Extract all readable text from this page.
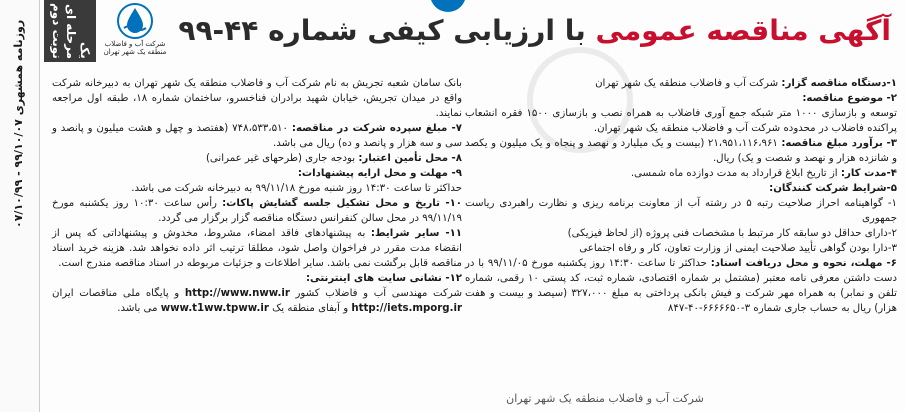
روزنامه همشهری ۹۹/۱۰/۰۷ - ۰۷/۱۰/۹۹	یک مرحله ای
نوبت دوم	شرکت آب و فاضلاب
منطقه یک شهر تهران
آگهی مناقصه عمومی با ارزیابی کیفی شماره ۴۴-۹۹

۱-دستگاه مناقصه گزار: شرکت آب و فاضلاب منطقه یک شهر تهران

۲- موضوع مناقصه:

توسعه و بازسازی ۱۰۰۰ متر شبکه جمع آوری فاضلاب به همراه نصب و بازسازی ۱۵۰۰ فقره انشعاب پراکنده فاضلاب در محدوده شرکت آب و فاضلاب منطقه یک شهر تهران.

۳- برآورد مبلغ مناقصه: ۲۱،۹۵۱،۱۱۶،۹۶۱ (بیست و یک میلیارد و نهصد و پنجاه و یک میلیون و یکصد و شانزده هزار و نهصد و شصت و یک) ریال.

۴-مدت کار: از تاریخ ابلاغ قرارداد به مدت دوازده ماه شمسی.

۵-شرایط شرکت کنندگان:

۱- گواهینامه احراز صلاحیت رتبه ۵ در رشته آب از معاونت برنامه ریزی و نظارت راهبردی ریاست جمهوری

۲-دارای حداقل دو سابقه کار مرتبط با مشخصات فنی پروژه (از لحاظ فیزیکی)

۳-دارا بودن گواهی تأیید صلاحیت ایمنی از وزارت تعاون، کار و رفاه اجتماعی

۶- مهلت، نحوه و محل دریافت اسناد: حداکثر تا ساعت ۱۴:۳۰ روز یکشنبه مورخ ۹۹/۱۱/۰۵ با در دست داشتن معرفی نامه معتبر (مشتمل بر شماره اقتصادی، شماره ثبت، کد پستی ۱۰ رقمی، شماره تلفن و نمابر) به همراه مهر شرکت و فیش بانکی پرداختی به مبلغ ۳۲۷،۰۰۰ (سیصد و بیست و هفت هزار) ریال به حساب جاری شماره ۳-۶۶۶۶۶۵۰-۴۰-۸۴۷

بانک سامان شعبه تجریش به نام شرکت آب و فاضلاب منطقه یک شهر تهران به دبیرخانه شرکت واقع در میدان تجریش، خیابان شهید برادران فناخسرو، ساختمان شماره ۱۸، طبقه اول مراجعه نمایند.

۷- مبلغ سپرده شرکت در مناقصه: ۷۴۸،۵۳۳،۵۱۰ (هفتصد و چهل و هشت میلیون و پانصد و سی و سه هزار و پانصد و ده) ریال می باشد.

۸- محل تأمین اعتبار: بودجه جاری (طرحهای غیر عمرانی)

۹- مهلت و محل ارایه پیشنهادات:

حداکثر تا ساعت ۱۴:۳۰ روز شنبه مورخ ۹۹/۱۱/۱۸ به دبیرخانه شرکت می باشد.

۱۰- تاریخ و محل تشکیل جلسه گشایش پاکات: رأس ساعت ۱۰:۳۰ روز یکشنبه مورخ ۹۹/۱۱/۱۹ در محل سالن کنفرانس دستگاه مناقصه گزار برگزار می گردد.

۱۱- سایر شرایط: به پیشنهادهای فاقد امضاء، مشروط، مخدوش و پیشنهاداتی که پس از انقضاء مدت مقرر در فراخوان واصل شود، مطلقا ترتیب اثر داده نخواهد شد. هزینه خرید اسناد مناقصه قابل برگشت نمی باشد. سایر اطلاعات و جزئیات مربوطه در اسناد مناقصه مندرج است.

۱۲- نشانی سایت های اینترنتی:

شرکت مهندسی آب و فاضلاب کشور http://www.nww.ir و پایگاه ملی مناقصات ایران http://iets.mporg.ir و آبفای منطقه یک www.t1ww.tpww.ir می باشد.

شرکت آب و فاضلاب منطقه یک شهر تهران
